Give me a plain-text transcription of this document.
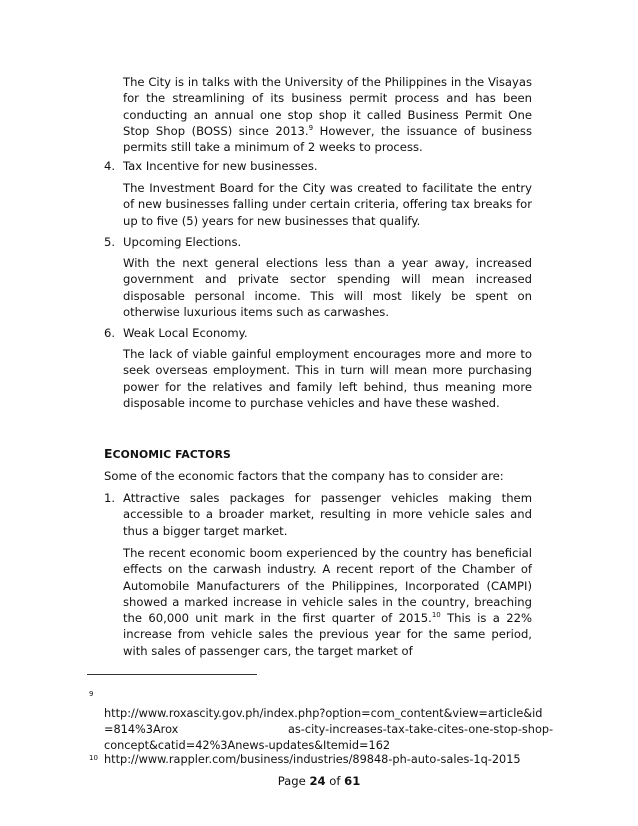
The City is in talks with the University of the Philippines in the Visayas for the streamlining of its business permit process and has been conducting an annual one stop shop it called Business Permit One Stop Shop (BOSS) since 2013.$^9$ However, the issuance of business permits still take a minimum of 2 weeks to process.

4. Tax Incentive for new businesses.

The Investment Board for the City was created to facilitate the entry of new businesses falling under certain criteria, offering tax breaks for up to five (5) years for new businesses that qualify.

5. Upcoming Elections.

With the next general elections less than a year away, increased government and private sector spending will mean increased disposable personal income. This will most likely be spent on otherwise luxurious items such as carwashes.

6. Weak Local Economy.

The lack of viable gainful employment encourages more and more to seek overseas employment. This in turn will mean more purchasing power for the relatives and family left behind, thus meaning more disposable income to purchase vehicles and have these washed.

ECONOMIC FACTORS
Some of the economic factors that the company has to consider are:
1. Attractive sales packages for passenger vehicles making them accessible to a broader market, resulting in more vehicle sales and thus a bigger target market.

The recent economic boom experienced by the country has beneficial effects on the carwash industry. A recent report of the Chamber of Automobile Manufacturers of the Philippines, Incorporated (CAMPI) showed a marked increase in vehicle sales in the country, breaching the 60,000 unit mark in the first quarter of 2015.10 This is a 22% increase from vehicle sales the previous year for the same period, with sales of passenger cars, the target market of

9
http://www.roxascity.gov.ph/index.php?option=com_content&view=article&id
=814%3Arox	as-city-increases-tax-take-cites-one-stop-shop-
concept&catid=42%3Anews-updates&Itemid=162
10 http://www.rappler.com/business/industries/89848-ph-auto-sales-1q-2015
Page 24 of 61
